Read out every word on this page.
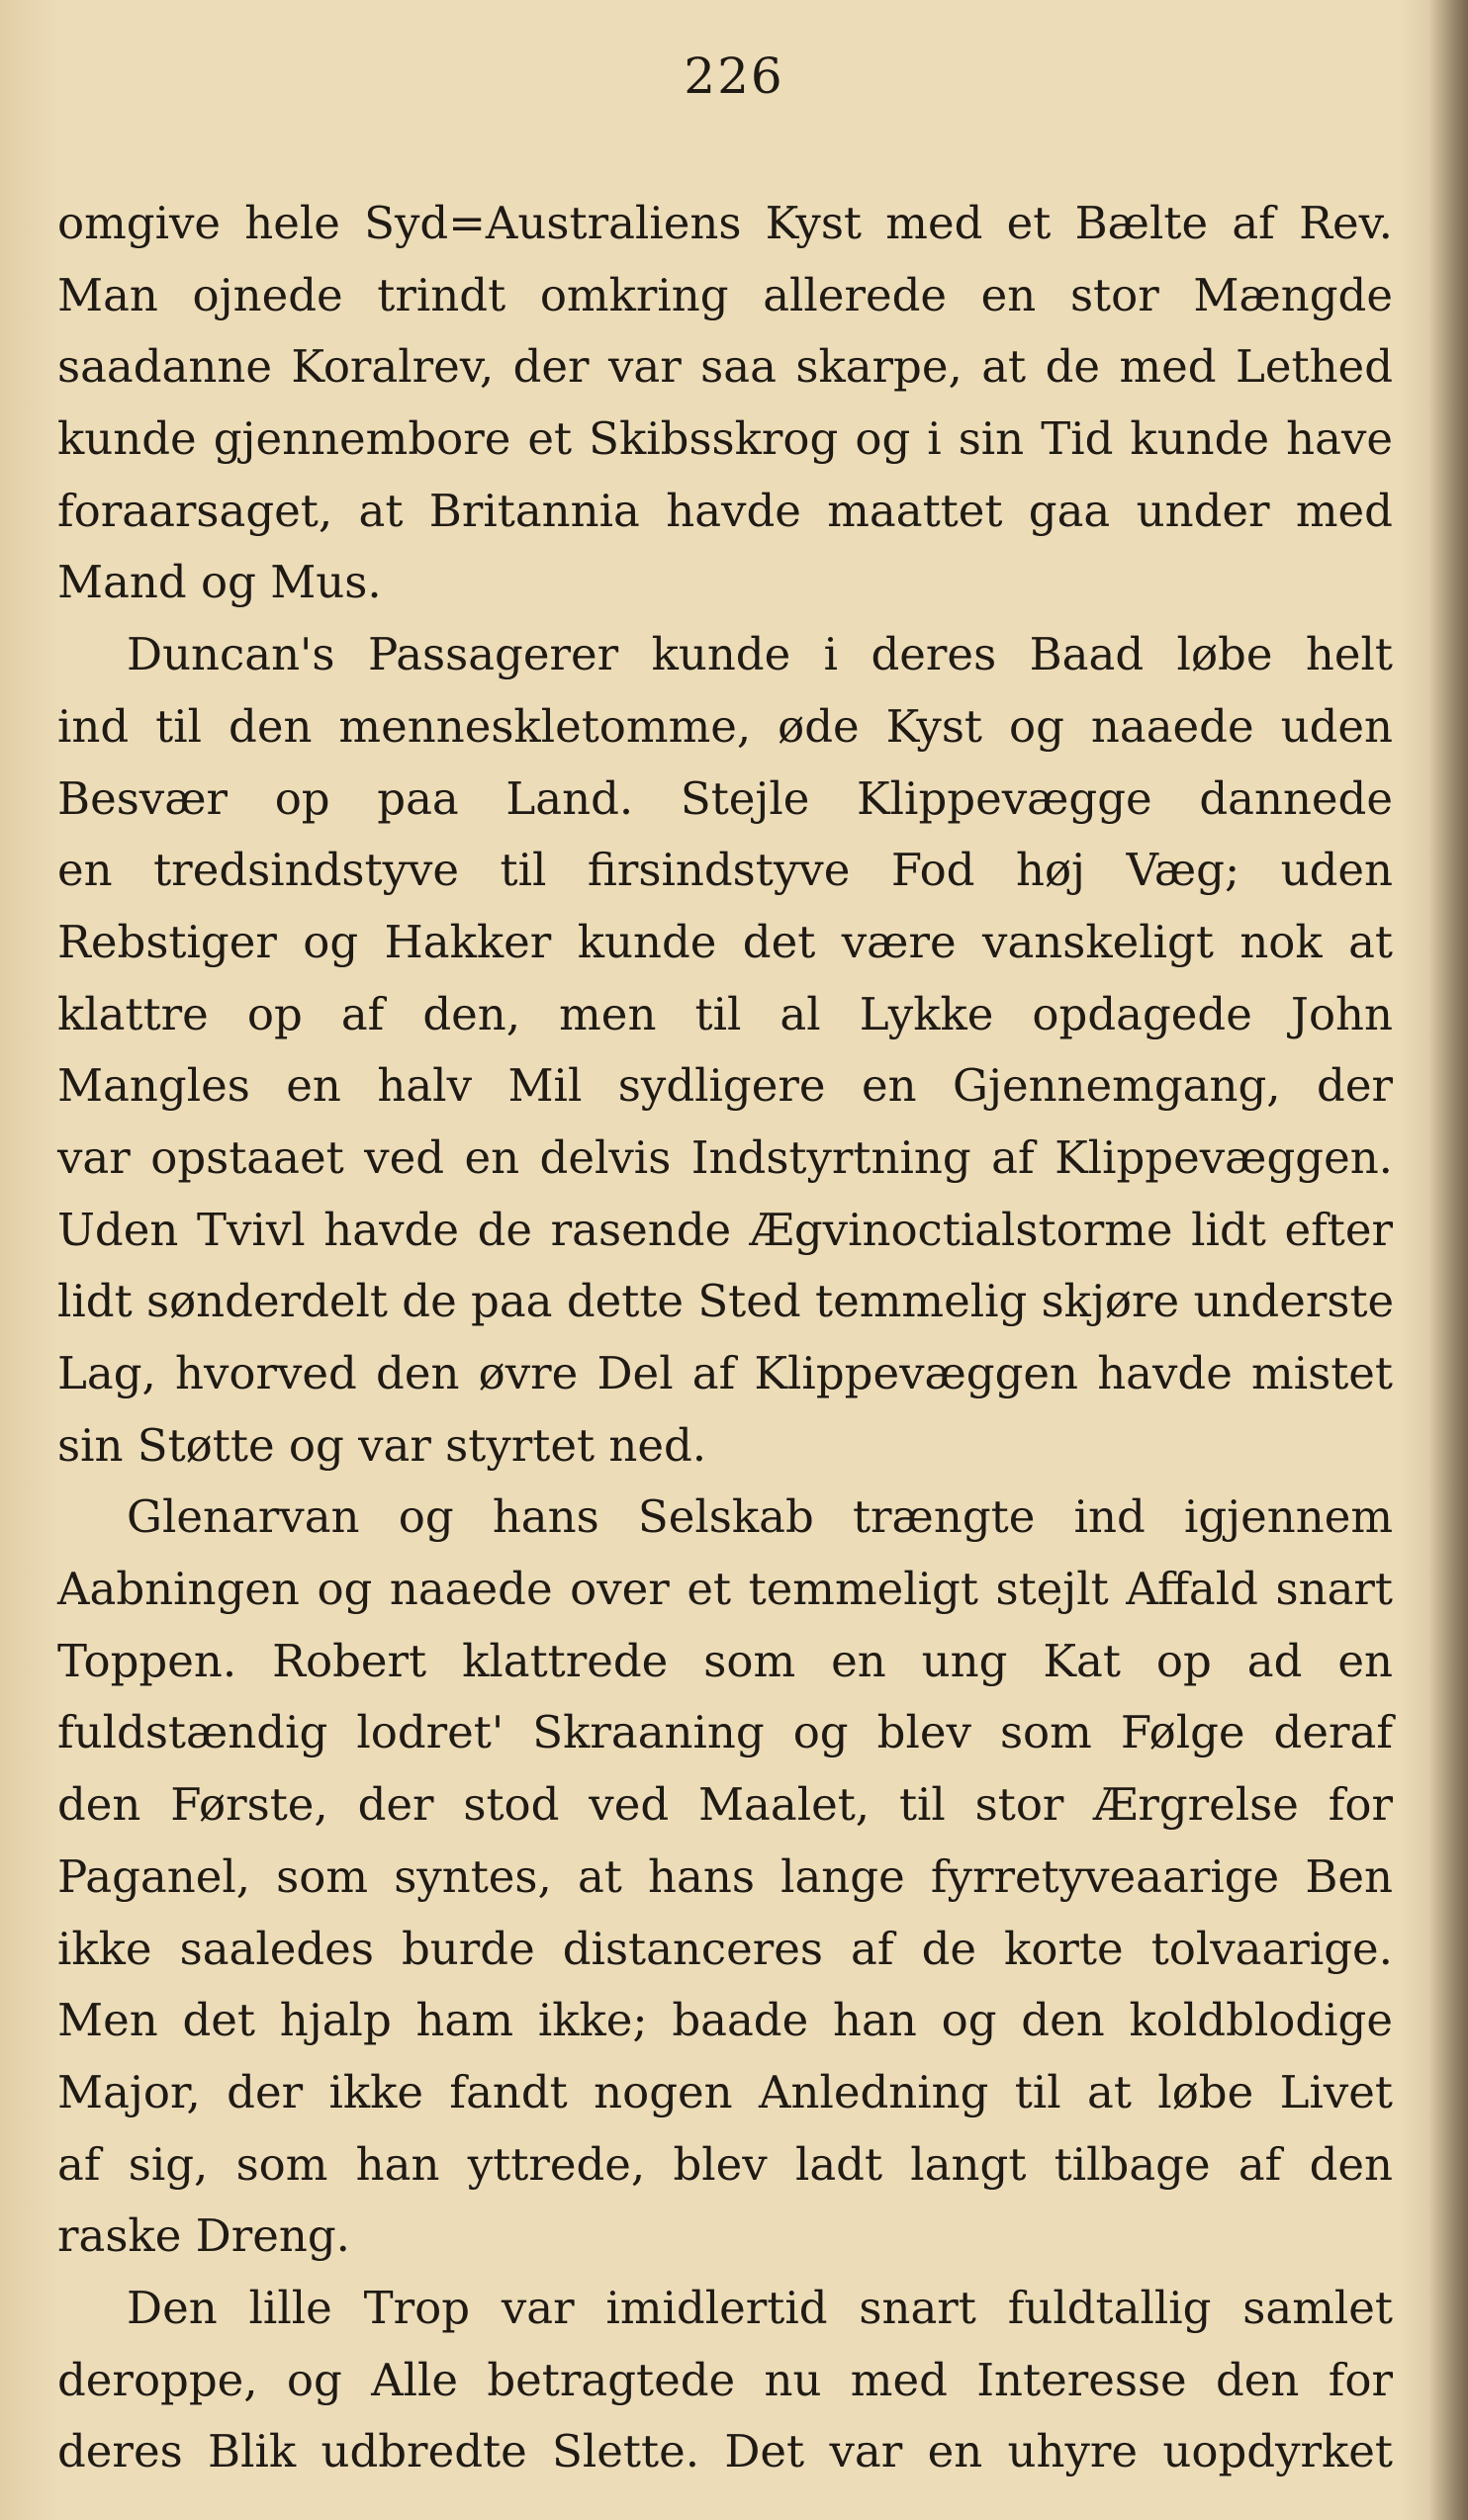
226
omgive hele Syd=Australiens Kyst med et Bælte af Rev.
Man ojnede trindt omkring allerede en stor Mængde
saadanne Koralrev, der var saa skarpe, at de med Lethed
kunde gjennembore et Skibsskrog og i sin Tid kunde have
foraarsaget, at Britannia havde maattet gaa under med
Mand og Mus.
Duncan's Passagerer kunde i deres Baad løbe helt
ind til den menneskletomme, øde Kyst og naaede uden
Besvær op paa Land. Stejle Klippevægge dannede
en tredsindstyve til firsindstyve Fod høj Væg; uden
Rebstiger og Hakker kunde det være vanskeligt nok at
klattre op af den, men til al Lykke opdagede John
Mangles en halv Mil sydligere en Gjennemgang, der
var opstaaet ved en delvis Indstyrtning af Klippevæggen.
Uden Tvivl havde de rasende Ægvinoctialstorme lidt efter
lidt sønderdelt de paa dette Sted temmelig skjøre underste
Lag, hvorved den øvre Del af Klippevæggen havde mistet
sin Støtte og var styrtet ned.
Glenarvan og hans Selskab trængte ind igjennem
Aabningen og naaede over et temmeligt stejlt Affald snart
Toppen. Robert klattrede som en ung Kat op ad en
fuldstændig lodret' Skraaning og blev som Følge deraf
den Første, der stod ved Maalet, til stor Ærgrelse for
Paganel, som syntes, at hans lange fyrretyveaarige Ben
ikke saaledes burde distanceres af de korte tolvaarige.
Men det hjalp ham ikke; baade han og den koldblodige
Major, der ikke fandt nogen Anledning til at løbe Livet
af sig, som han yttrede, blev ladt langt tilbage af den
raske Dreng.
Den lille Trop var imidlertid snart fuldtallig samlet
deroppe, og Alle betragtede nu med Interesse den for
deres Blik udbredte Slette. Det var en uhyre uopdyrket
